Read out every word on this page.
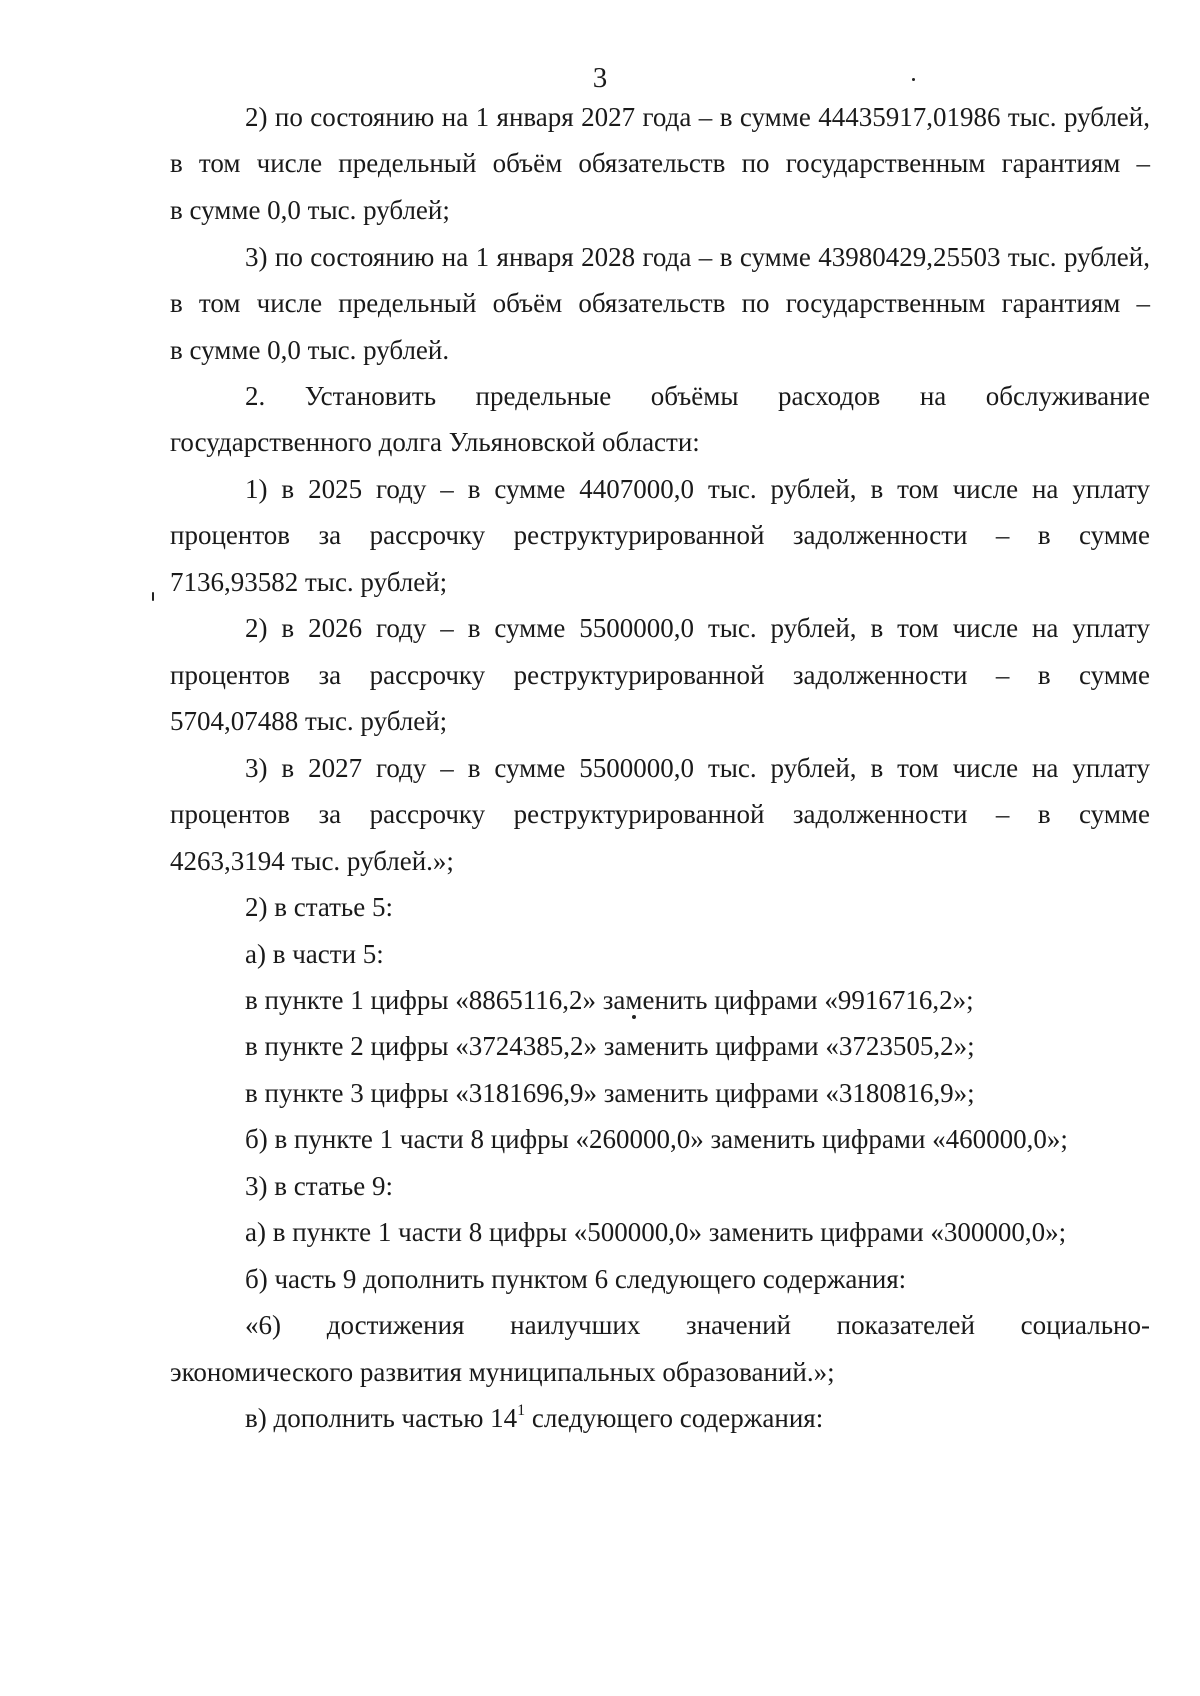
3
2) по состоянию на 1 января 2027 года – в сумме 44435917,01986 тыс. рублей,
в том числе предельный объём обязательств по государственным гарантиям –
в сумме 0,0 тыс. рублей;
3) по состоянию на 1 января 2028 года – в сумме 43980429,25503 тыс. рублей,
в том числе предельный объём обязательств по государственным гарантиям –
в сумме 0,0 тыс. рублей.
2. Установить предельные объёмы расходов на обслуживание
государственного долга Ульяновской области:
1) в 2025 году – в сумме 4407000,0 тыс. рублей, в том числе на уплату
процентов за рассрочку реструктурированной задолженности – в сумме
7136,93582 тыс. рублей;
2) в 2026 году – в сумме 5500000,0 тыс. рублей, в том числе на уплату
процентов за рассрочку реструктурированной задолженности – в сумме
5704,07488 тыс. рублей;
3) в 2027 году – в сумме 5500000,0 тыс. рублей, в том числе на уплату
процентов за рассрочку реструктурированной задолженности – в сумме
4263,3194 тыс. рублей.»;
2) в статье 5:
а) в части 5:
в пункте 1 цифры «8865116,2» заменить цифрами «9916716,2»;
в пункте 2 цифры «3724385,2» заменить цифрами «3723505,2»;
в пункте 3 цифры «3181696,9» заменить цифрами «3180816,9»;
б) в пункте 1 части 8 цифры «260000,0» заменить цифрами «460000,0»;
3) в статье 9:
а) в пункте 1 части 8 цифры «500000,0» заменить цифрами «300000,0»;
б) часть 9 дополнить пунктом 6 следующего содержания:
«6) достижения наилучших значений показателей социально-
экономического развития муниципальных образований.»;
в) дополнить частью $14^1$ следующего содержания:
